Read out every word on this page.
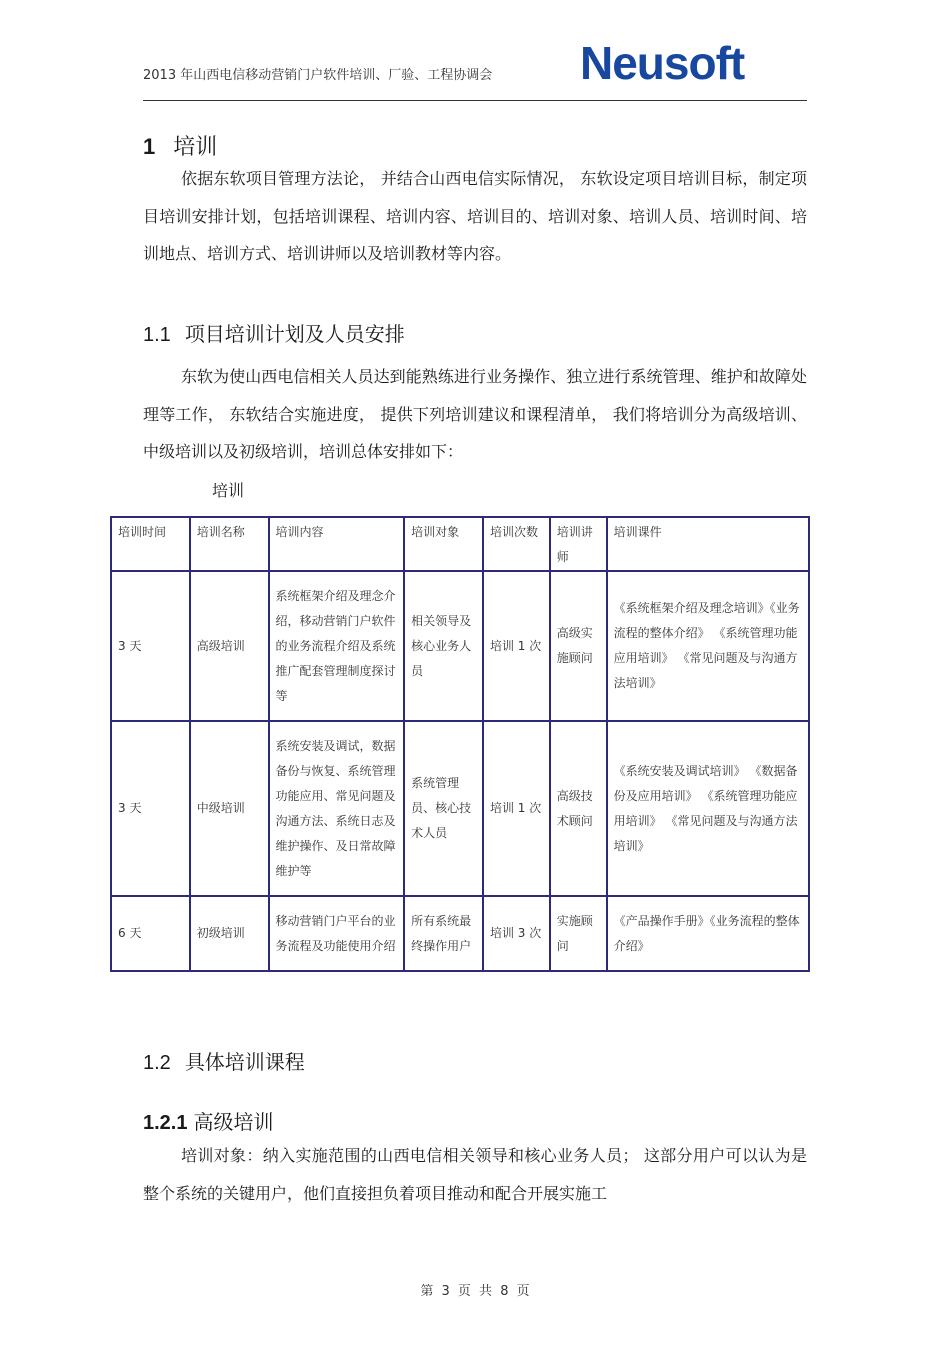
2013 年山西电信移动营销门户软件培训、厂验、工程协调会 Neusoft
1 培训
依据东软项目管理方法论， 并结合山西电信实际情况， 东软设定项目培训目标，制定项目培训安排计划，包括培训课程、培训内容、培训目的、培训对象、培训人员、培训时间、培训地点、培训方式、培训讲师以及培训教材等内容。
1.1 项目培训计划及人员安排
东软为使山西电信相关人员达到能熟练进行业务操作、独立进行系统管理、维护和故障处理等工作， 东软结合实施进度， 提供下列培训建议和课程清单， 我们将培训分为高级培训、中级培训以及初级培训，培训总体安排如下：
培训
培训时间	培训名称	培训内容	培训对象	培训次数	培训讲师	培训课件
3 天	高级培训	系统框架介绍及理念介绍，移动营销门户软件的业务流程介绍及系统推广配套管理制度探讨等	相关领导及核心业务人员	培训 1 次	高级实施顾问	《系统框架介绍及理念培训》《业务流程的整体介绍》 《系统管理功能应用培训》 《常见问题及与沟通方法培训》
3 天	中级培训	系统安装及调试，数据备份与恢复、系统管理功能应用、常见问题及沟通方法、系统日志及维护操作、及日常故障维护等	系统管理员、核心技术人员	培训 1 次	高级技术顾问	《系统安装及调试培训》 《数据备份及应用培训》 《系统管理功能应用培训》 《常见问题及与沟通方法培训》
6 天	初级培训	移动营销门户平台的业务流程及功能使用介绍	所有系统最终操作用户	培训 3 次	实施顾问	《产品操作手册》《业务流程的整体介绍》
1.2 具体培训课程
1.2.1 高级培训
培训对象：纳入实施范围的山西电信相关领导和核心业务人员； 这部分用户可以认为是整个系统的关键用户，他们直接担负着项目推动和配合开展实施工
第 3 页 共 8 页
